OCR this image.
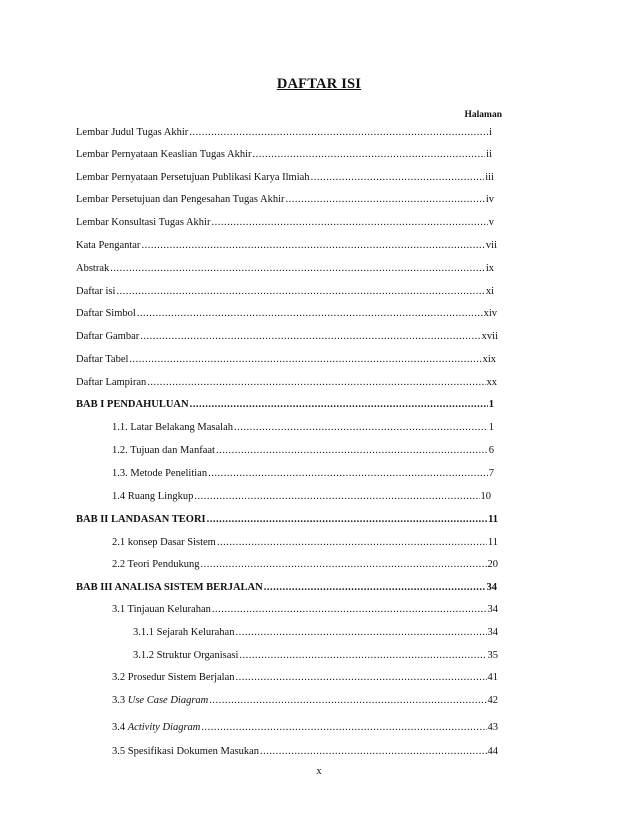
DAFTAR ISI
Halaman
Lembar Judul Tugas Akhir .....	i
Lembar Pernyataan Keaslian Tugas Akhir .....	ii
Lembar Pernyataan Persetujuan Publikasi Karya Ilmiah .....	iii
Lembar Persetujuan dan Pengesahan Tugas Akhir .....	iv
Lembar Konsultasi Tugas Akhir .....	v
Kata Pengantar .....	vii
Abstrak .....	ix
Daftar isi .....	xi
Daftar Simbol .....	xiv
Daftar Gambar .....	xvii
Daftar Tabel .....	xix
Daftar Lampiran .....	xx
BAB I PENDAHULUAN .....	1
1.1. Latar Belakang Masalah .....	1
1.2. Tujuan dan Manfaat .....	6
1.3. Metode Penelitian .....	7
1.4 Ruang Lingkup .....	10
BAB II LANDASAN TEORI .....	11
2.1 konsep Dasar Sistem .....	11
2.2 Teori Pendukung .....	20
BAB III ANALISA SISTEM BERJALAN .....	34
3.1 Tinjauan Kelurahan .....	34
3.1.1 Sejarah Kelurahan .....	34
3.1.2 Struktur Organisasi .....	35
3.2 Prosedur Sistem Berjalan .....	41
3.3 Use Case Diagram .....	42
3.4 Activity Diagram .....	43
3.5 Spesifikasi Dokumen Masukan .....	44
x
